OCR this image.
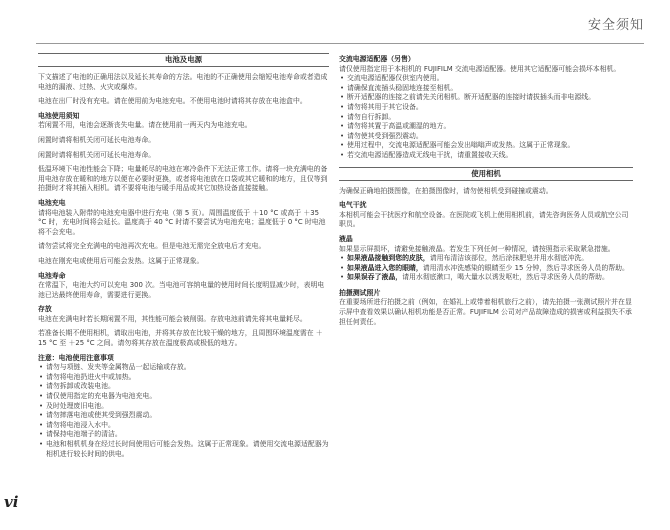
安全须知
电池及电源

下文描述了电池的正确用法以及延长其寿命的方法。电池的不正确使用会缩短电池寿命或者造成电池的漏液、过热、火灾或爆炸。

电池在出厂时没有充电。请在使用前为电池充电。不使用电池时请将其存放在电池盒中。

电池使用须知

若闲置不用，电池会逐渐丧失电量。请在使用前一两天内为电池充电。

闲置时请将相机关闭可延长电池寿命。

闲置时请将相机关闭可延长电池寿命。

低温环境下电池性能会下降；电量耗尽的电池在寒冷条件下无法正常工作。请将一块充满电的备用电池存放在暖和的地方以便在必要时更换，或者将电池放在口袋或其它暖和的地方，且仅等到拍摄时才将其插入相机。请不要将电池与暖手用品或其它加热设备直接接触。

电池充电

请将电池装入附带的电池充电器中进行充电（第 5 页）。周围温度低于 ＋10 °C 或高于 ＋35 °C 时，充电时间将会延长。温度高于 40 °C 时请不要尝试为电池充电；温度低于 0 °C 时电池将不会充电。

请勿尝试将完全充满电的电池再次充电。但是电池无需完全放电后才充电。

电池在刚充电或使用后可能会发热。这属于正常现象。

电池寿命

在常温下，电池大约可以充电 300 次。当电池可容纳电量的使用时间长度明显减少时，表明电池已达最终使用寿命，需要进行更换。

存放

电池在充满电时若长期闲置不用，其性能可能会被削弱。存放电池前请先将其电量耗尽。

若准备长期不使用相机，请取出电池，并将其存放在比较干燥的地方，且周围环境温度需在 ＋15 °C 至 ＋25 °C 之间。请勿将其存放在温度极高或极低的地方。

注意：电池使用注意事项
• 请勿与项链、发夹等金属物品一起运输或存放。
• 请勿将电池扔进火中或加热。
• 请勿拆卸或改装电池。
• 请仅使用指定的充电器为电池充电。
• 及时处理废旧电池。
• 请勿摔落电池或使其受到强烈震动。
• 请勿将电池浸入水中。
• 请保持电池端子的清洁。
• 电池和相机机身在经过长时间使用后可能会发热。这属于正常现象。请使用交流电源适配器为相机进行较长时间的供电。
交流电源适配器（另售）

请仅使用指定用于本相机的 FUJIFILM 交流电源适配器。使用其它适配器可能会损坏本相机。

• 交流电源适配器仅供室内使用。
• 请确保直流插头稳固地连接至相机。
• 断开适配器的连接之前请先关闭相机。断开适配器的连接时请拔插头而非电源线。
• 请勿将其用于其它设备。
• 请勿自行拆卸。
• 请勿将其置于高温或潮湿的地方。
• 请勿使其受到强烈震动。
• 使用过程中，交流电源适配器可能会发出嗡嗡声或发热。这属于正常现象。
• 若交流电源适配器造成无线电干扰，请重置接收天线。
使用相机

为确保正确地拍摄图像，在拍摄图像时，请勿使相机受到碰撞或震动。

电气干扰

本相机可能会干扰医疗和航空设备。在医院或飞机上使用相机前，请先咨询医务人员或航空公司职员。

液晶

如果显示屏损坏，请避免接触液晶。若发生下列任何一种情况，请按照指示采取紧急措施。

• 如果液晶接触到您的皮肤，请用布清洁该部位，然后涂抹肥皂并用水彻底冲洗。
• 如果液晶进入您的眼睛，请用清水冲洗感染的眼睛至少 15 分钟，然后寻求医务人员的帮助。
• 如果误吞了液晶，请用水彻底漱口，喝大量水以诱发呕吐，然后寻求医务人员的帮助。
拍摄测试照片

在重要场所进行拍摄之前（例如，在婚礼上或带着相机旅行之前），请先拍摄一张测试照片并在显示屏中查看效果以确认相机功能是否正常。FUJIFILM 公司对产品故障造成的损害或利益损失不承担任何责任。

vi
